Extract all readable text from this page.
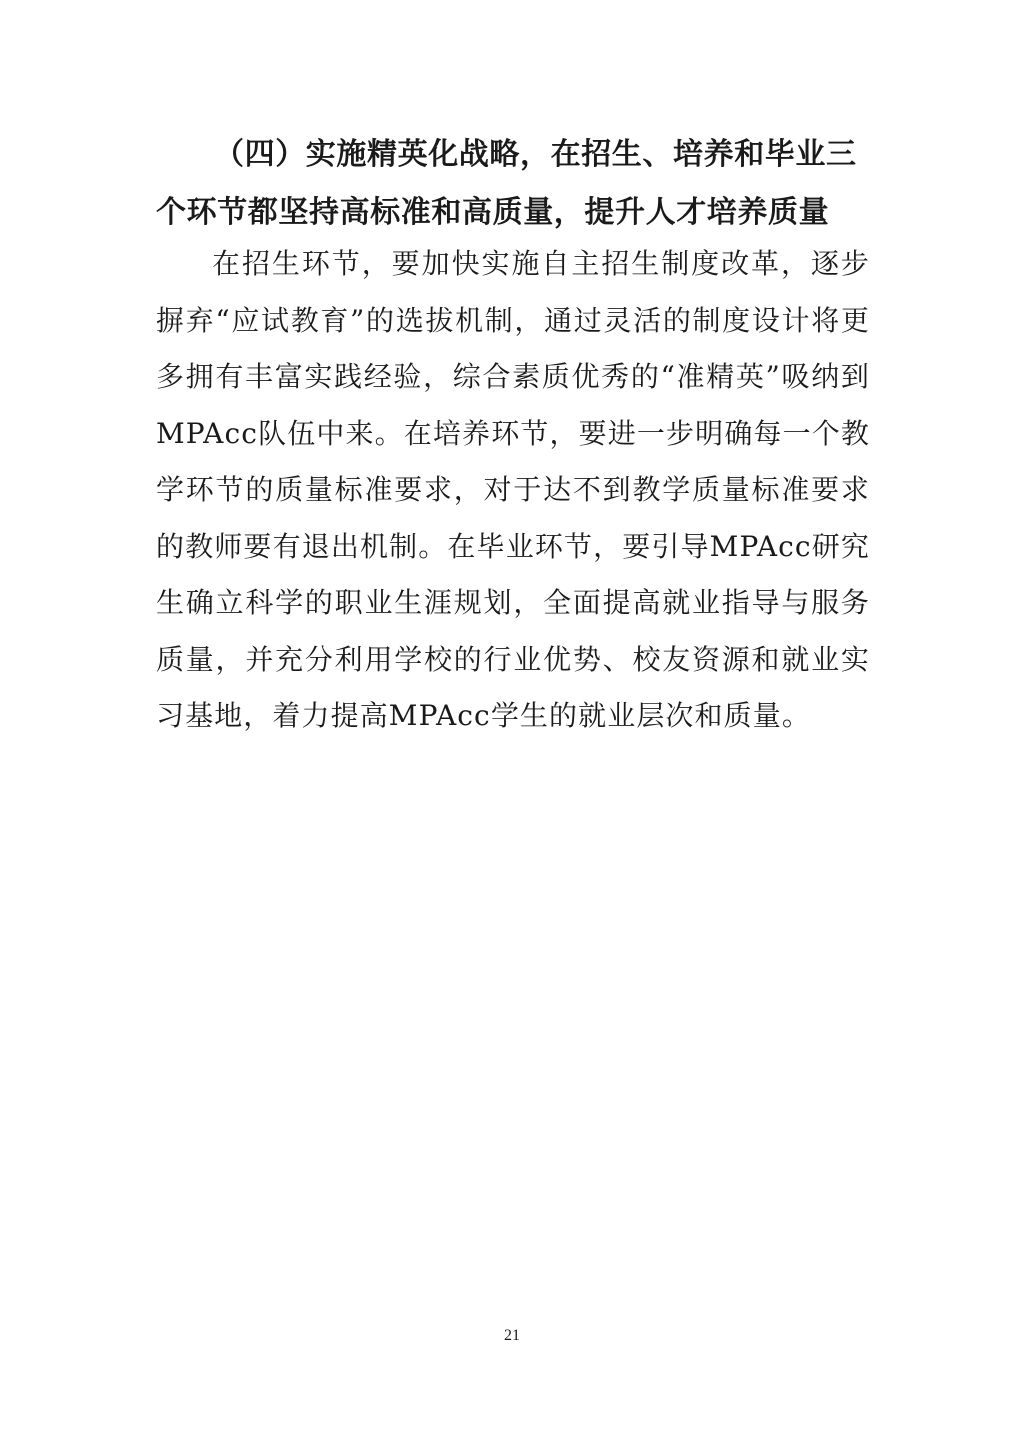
（四）实施精英化战略，在招生、培养和毕业三个环节都坚持高标准和高质量，提升人才培养质量

在招生环节，要加快实施自主招生制度改革，逐步摒弃“应试教育”的选拔机制，通过灵活的制度设计将更多拥有丰富实践经验，综合素质优秀的“准精英”吸纳到MPAcc队伍中来。在培养环节，要进一步明确每一个教学环节的质量标准要求，对于达不到教学质量标准要求的教师要有退出机制。在毕业环节，要引导MPAcc研究生确立科学的职业生涯规划，全面提高就业指导与服务质量，并充分利用学校的行业优势、校友资源和就业实习基地，着力提高MPAcc学生的就业层次和质量。

21
